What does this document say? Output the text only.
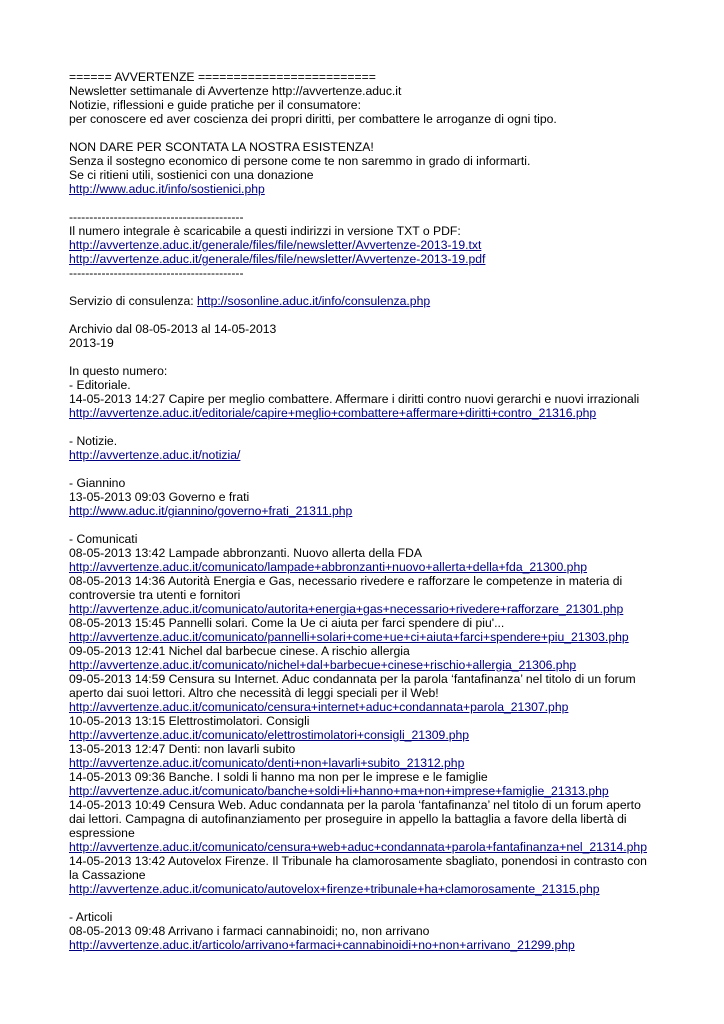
====== AVVERTENZE =========================
Newsletter settimanale di Avvertenze http://avvertenze.aduc.it
Notizie, riflessioni e guide pratiche per il consumatore:
per conoscere ed aver coscienza dei propri diritti, per combattere le arroganze di ogni tipo.
NON DARE PER SCONTATA LA NOSTRA ESISTENZA!
Senza il sostegno economico di persone come te non saremmo in grado di informarti.
Se ci ritieni utili, sostienici con una donazione
http://www.aduc.it/info/sostienici.php
-------------------------------------------
Il numero integrale è scaricabile a questi indirizzi in versione TXT o PDF:
http://avvertenze.aduc.it/generale/files/file/newsletter/Avvertenze-2013-19.txt
http://avvertenze.aduc.it/generale/files/file/newsletter/Avvertenze-2013-19.pdf
-------------------------------------------
Servizio di consulenza: http://sosonline.aduc.it/info/consulenza.php
Archivio dal 08-05-2013 al 14-05-2013
2013-19
In questo numero:
- Editoriale.
14-05-2013 14:27 Capire per meglio combattere. Affermare i diritti contro nuovi gerarchi e nuovi irrazionali
http://avvertenze.aduc.it/editoriale/capire+meglio+combattere+affermare+diritti+contro_21316.php
- Notizie.
http://avvertenze.aduc.it/notizia/
- Giannino
13-05-2013 09:03 Governo e frati
http://www.aduc.it/giannino/governo+frati_21311.php
- Comunicati
08-05-2013 13:42 Lampade abbronzanti. Nuovo allerta della FDA
http://avvertenze.aduc.it/comunicato/lampade+abbronzanti+nuovo+allerta+della+fda_21300.php
08-05-2013 14:36 Autorità Energia e Gas, necessario rivedere e rafforzare le competenze in materia di
controversie tra utenti e fornitori
http://avvertenze.aduc.it/comunicato/autorita+energia+gas+necessario+rivedere+rafforzare_21301.php
08-05-2013 15:45 Pannelli solari. Come la Ue ci aiuta per farci spendere di piu'...
http://avvertenze.aduc.it/comunicato/pannelli+solari+come+ue+ci+aiuta+farci+spendere+piu_21303.php
09-05-2013 12:41 Nichel dal barbecue cinese. A rischio allergia
http://avvertenze.aduc.it/comunicato/nichel+dal+barbecue+cinese+rischio+allergia_21306.php
09-05-2013 14:59 Censura su Internet. Aduc condannata per la parola ‘fantafinanza’ nel titolo di un forum
aperto dai suoi lettori. Altro che necessità di leggi speciali per il Web!
http://avvertenze.aduc.it/comunicato/censura+internet+aduc+condannata+parola_21307.php
10-05-2013 13:15 Elettrostimolatori. Consigli
http://avvertenze.aduc.it/comunicato/elettrostimolatori+consigli_21309.php
13-05-2013 12:47 Denti: non lavarli subito
http://avvertenze.aduc.it/comunicato/denti+non+lavarli+subito_21312.php
14-05-2013 09:36 Banche. I soldi li hanno ma non per le imprese e le famiglie
http://avvertenze.aduc.it/comunicato/banche+soldi+li+hanno+ma+non+imprese+famiglie_21313.php
14-05-2013 10:49 Censura Web. Aduc condannata per la parola ‘fantafinanza’ nel titolo di un forum aperto
dai lettori. Campagna di autofinanziamento per proseguire in appello la battaglia a favore della libertà di
espressione
http://avvertenze.aduc.it/comunicato/censura+web+aduc+condannata+parola+fantafinanza+nel_21314.php
14-05-2013 13:42 Autovelox Firenze. Il Tribunale ha clamorosamente sbagliato, ponendosi in contrasto con
la Cassazione
http://avvertenze.aduc.it/comunicato/autovelox+firenze+tribunale+ha+clamorosamente_21315.php
- Articoli
08-05-2013 09:48 Arrivano i farmaci cannabinoidi; no, non arrivano
http://avvertenze.aduc.it/articolo/arrivano+farmaci+cannabinoidi+no+non+arrivano_21299.php
